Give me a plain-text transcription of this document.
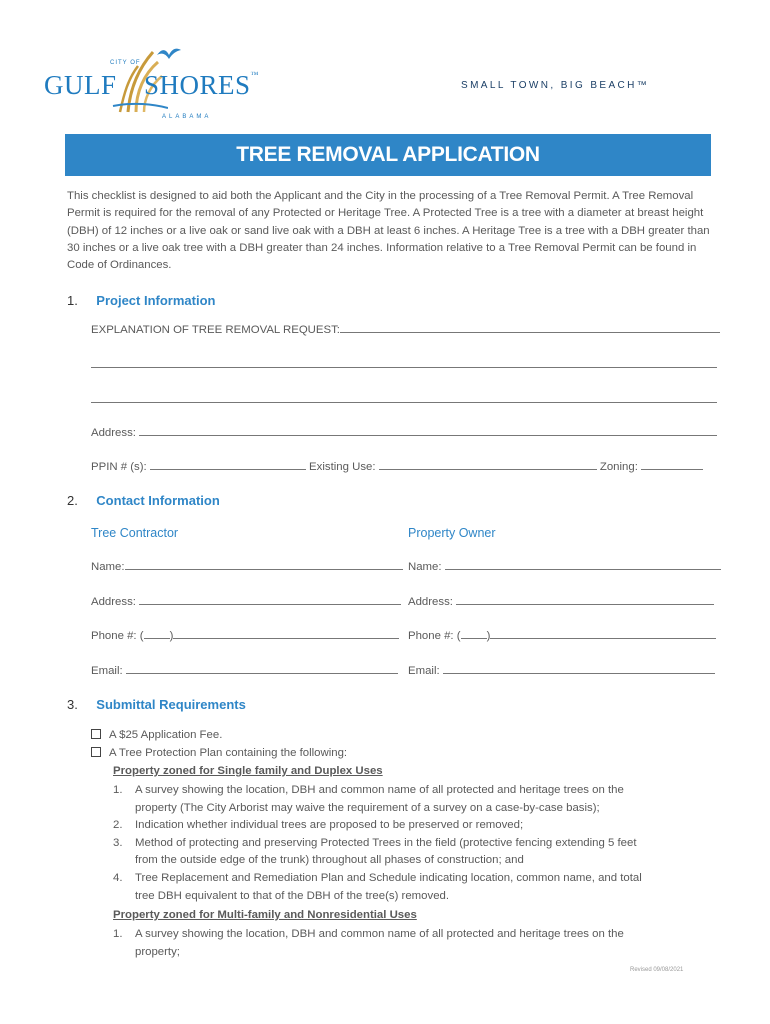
CITY OF
GULF SHORES™
ALABAMA
SMALL TOWN, BIG BEACH™
TREE REMOVAL APPLICATION
This checklist is designed to aid both the Applicant and the City in the processing of a Tree Removal Permit. A Tree Removal Permit is required for the removal of any Protected or Heritage Tree. A Protected Tree is a tree with a diameter at breast height (DBH) of 12 inches or a live oak or sand live oak with a DBH at least 6 inches. A Heritage Tree is a tree with a DBH greater than 30 inches or a live oak tree with a DBH greater than 24 inches. Information relative to a Tree Removal Permit can be found in Code of Ordinances.
1. Project Information
EXPLANATION OF TREE REMOVAL REQUEST:
Address:
PPIN # (s):	Existing Use:	Zoning:
2. Contact Information
Tree Contractor	Property Owner
Name:	Name:
Address:	Address:
Phone #: ( )	Phone #: ( )
Email:	Email:
3. Submittal Requirements
A $25 Application Fee.
A Tree Protection Plan containing the following:
Property zoned for Single family and Duplex Uses
1. A survey showing the location, DBH and common name of all protected and heritage trees on the
property (The City Arborist may waive the requirement of a survey on a case-by-case basis);
2. Indication whether individual trees are proposed to be preserved or removed;
3. Method of protecting and preserving Protected Trees in the field (protective fencing extending 5 feet
from the outside edge of the trunk) throughout all phases of construction; and
4. Tree Replacement and Remediation Plan and Schedule indicating location, common name, and total
tree DBH equivalent to that of the DBH of the tree(s) removed.
Property zoned for Multi-family and Nonresidential Uses
1. A survey showing the location, DBH and common name of all protected and heritage trees on the
property;
Revised 09/08/2021
